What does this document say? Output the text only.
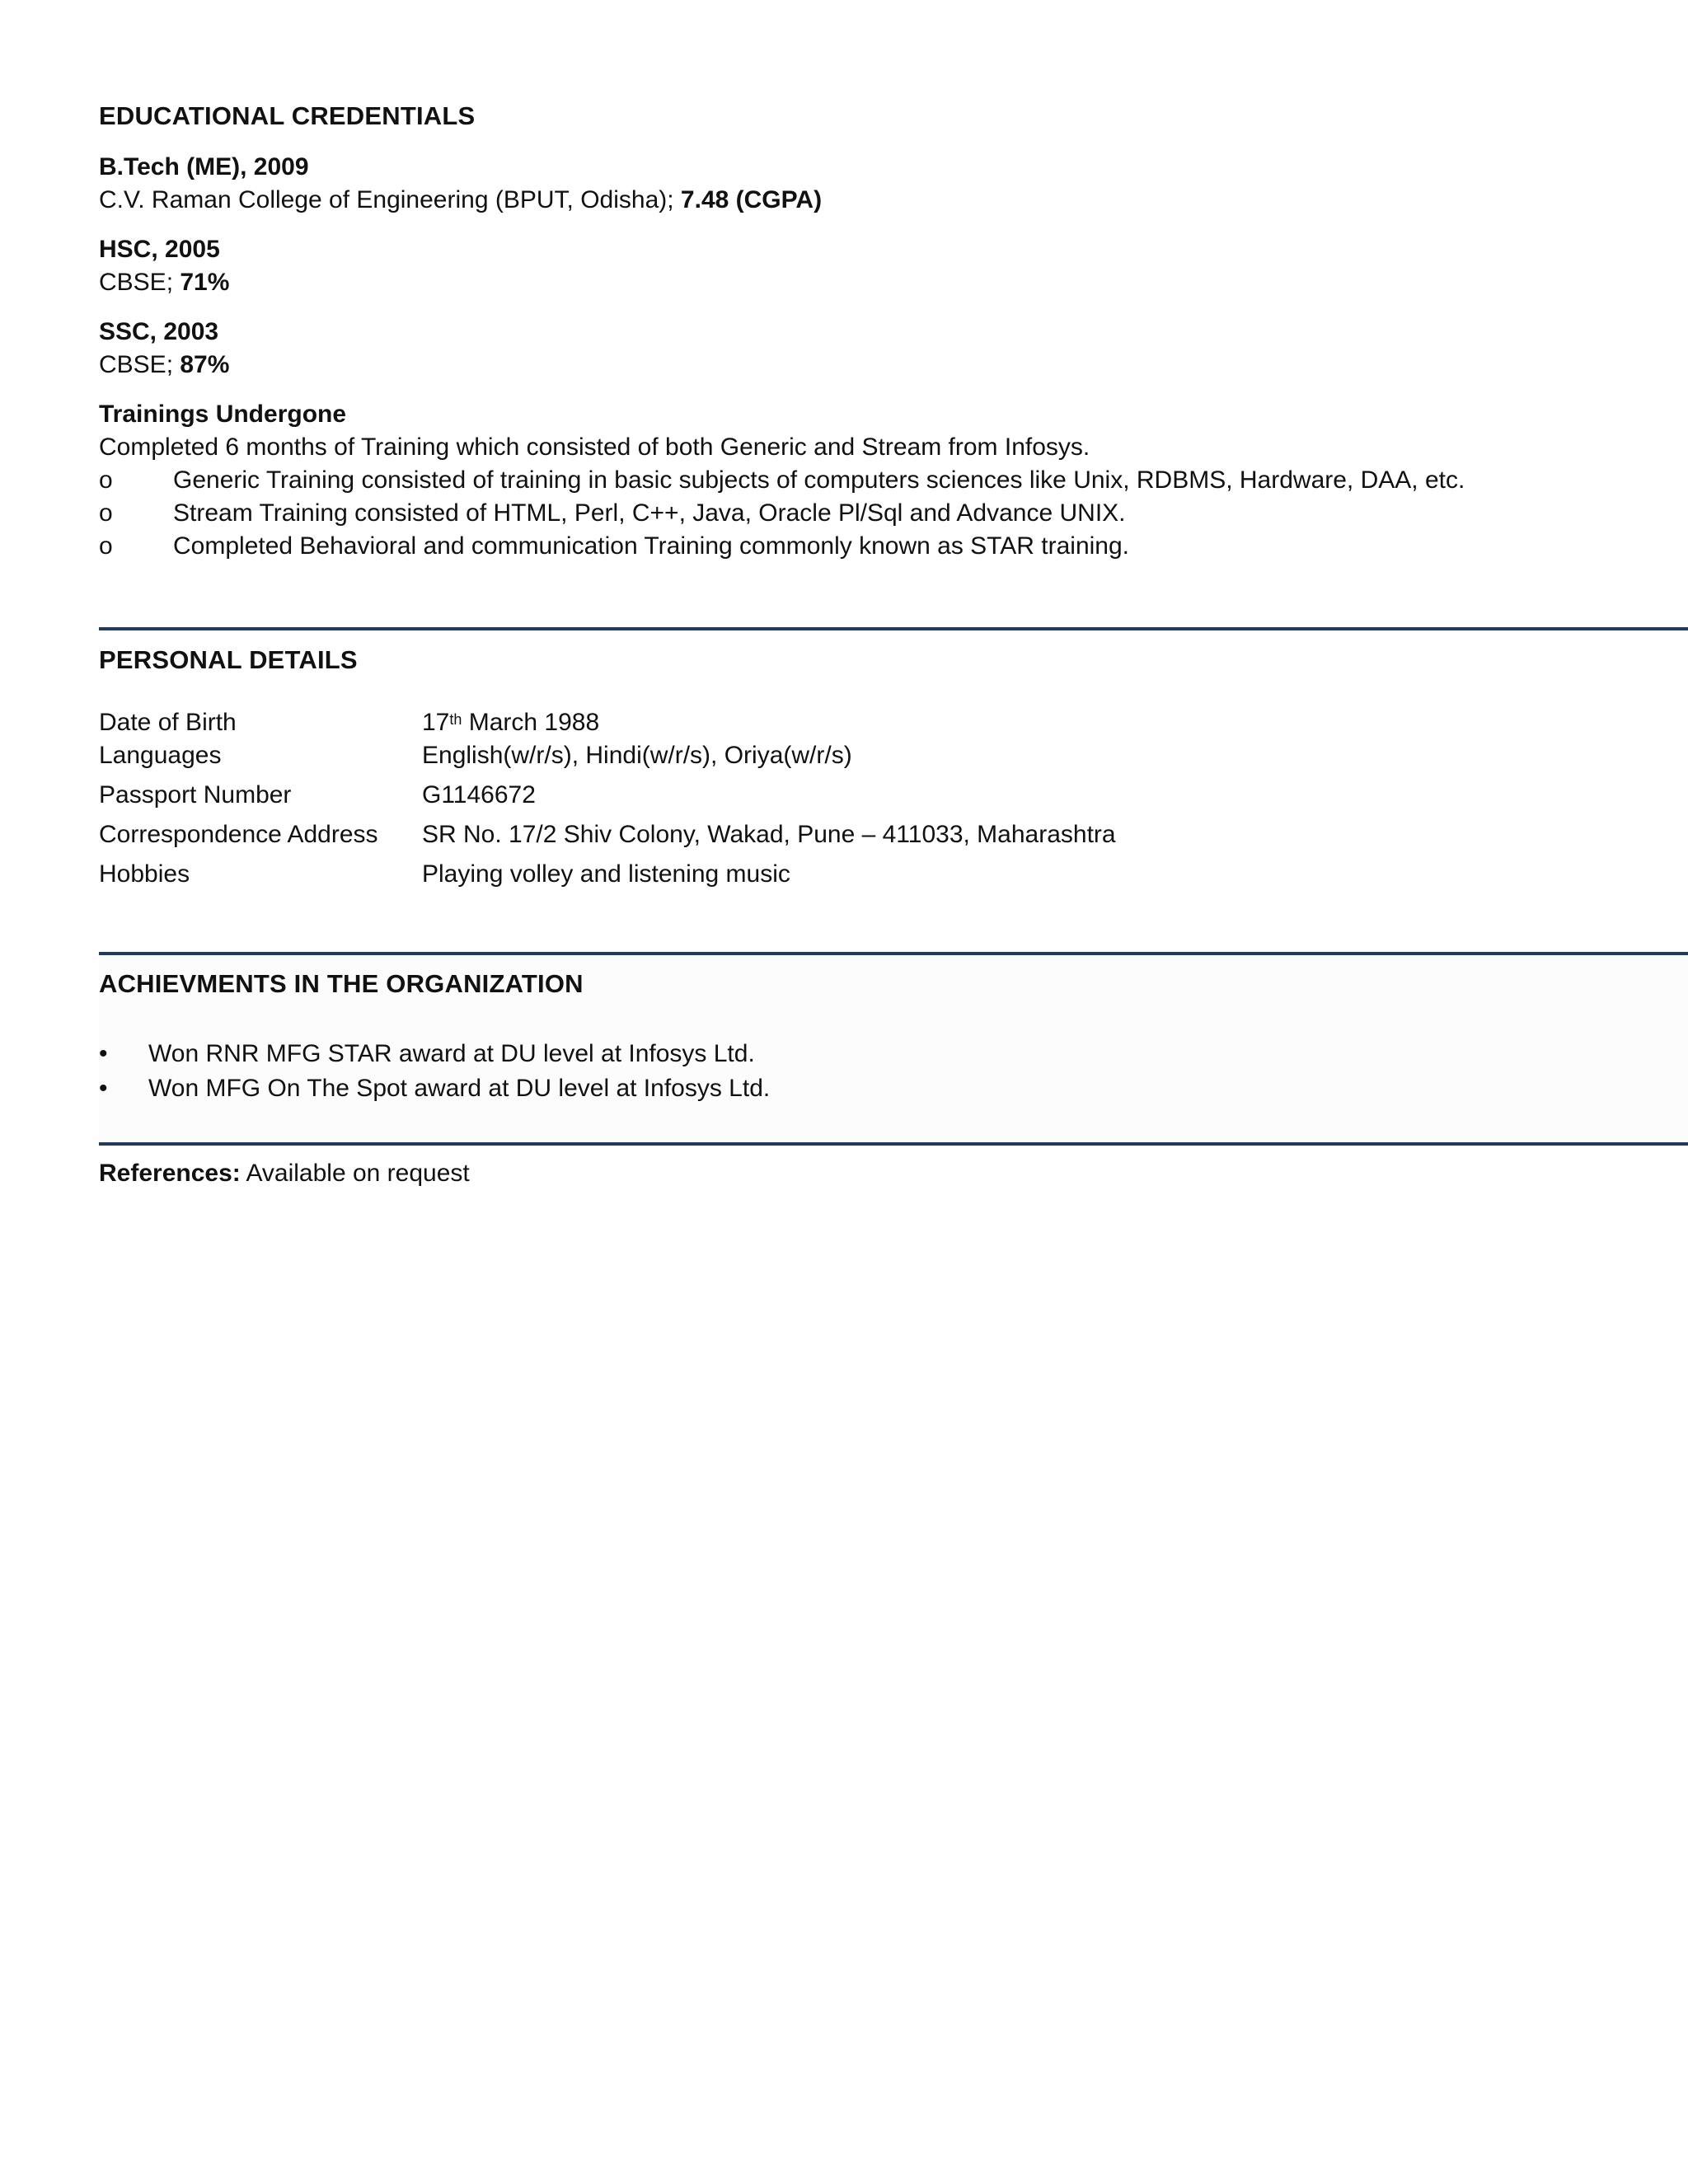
EDUCATIONAL CREDENTIALS
B.Tech (ME), 2009
C.V. Raman College of Engineering (BPUT, Odisha); 7.48 (CGPA)
HSC, 2005
CBSE; 71%
SSC, 2003
CBSE; 87%
Trainings Undergone
Completed 6 months of Training which consisted of both Generic and Stream from Infosys.
o Generic Training consisted of training in basic subjects of computers sciences like Unix, RDBMS, Hardware, DAA, etc.
o Stream Training consisted of HTML, Perl, C++, Java, Oracle Pl/Sql and Advance UNIX.
o Completed Behavioral and communication Training commonly known as STAR training.
PERSONAL DETAILS
Date of Birth	17th March 1988
Languages	English(w/r/s), Hindi(w/r/s), Oriya(w/r/s)
Passport Number	G1146672
Correspondence Address	SR No. 17/2 Shiv Colony, Wakad, Pune – 411033, Maharashtra
Hobbies	Playing volley and listening music
ACHIEVMENTS IN THE ORGANIZATION
• Won RNR MFG STAR award at DU level at Infosys Ltd.
• Won MFG On The Spot award at DU level at Infosys Ltd.
References: Available on request
